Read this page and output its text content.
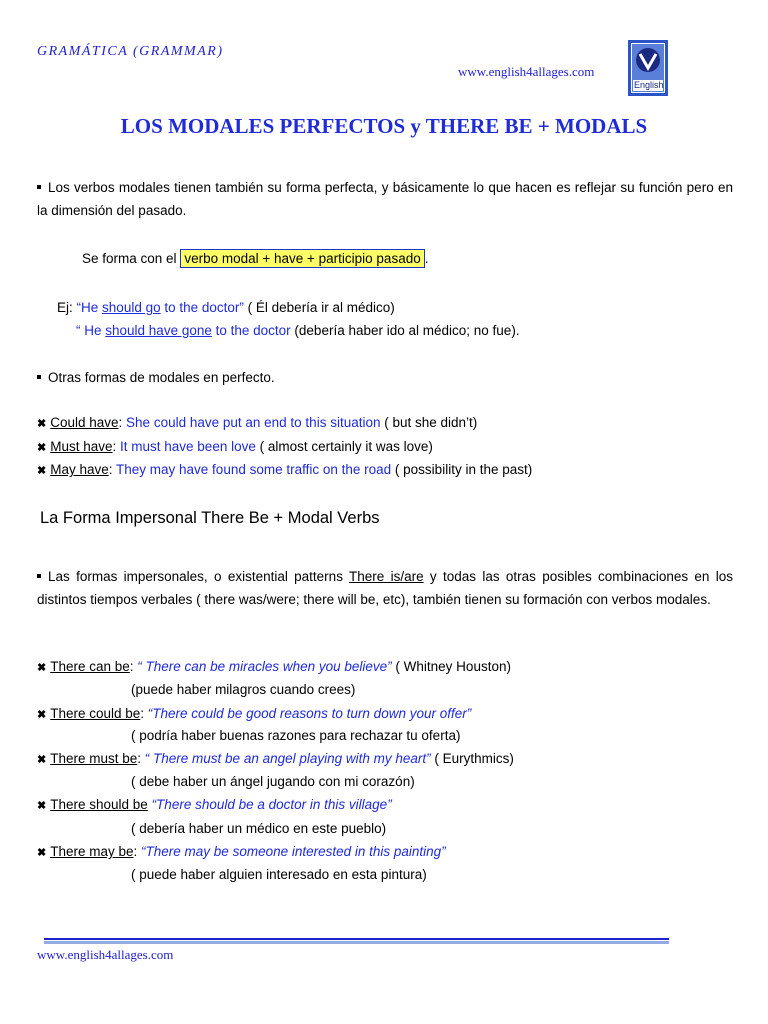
GRAMÁTICA (GRAMMAR)
www.english4allages.com
English
LOS MODALES PERFECTOS y THERE BE + MODALS
Los verbos modales tienen también su forma perfecta, y básicamente lo que hacen es reflejar su función pero en la dimensión del pasado.
Se forma con el verbo modal + have + participio pasado .
Ej: “He should go to the doctor” ( Él debería ir al médico)
“ He should have gone to the doctor (debería haber ido al médico; no fue).
Otras formas de modales en perfecto.
✖ Could have: She could have put an end to this situation ( but she didn’t)
✖ Must have: It must have been love ( almost certainly it was love)
✖ May have: They may have found some traffic on the road ( possibility in the past)
La Forma Impersonal There Be + Modal Verbs
Las formas impersonales, o existential patterns There is/are y todas las otras posibles combinaciones en los distintos tiempos verbales ( there was/were; there will be, etc), también tienen su formación con verbos modales.
✖ There can be: “ There can be miracles when you believe” ( Whitney Houston)
(puede haber milagros cuando crees)
✖ There could be: “There could be good reasons to turn down your offer”
( podría haber buenas razones para rechazar tu oferta)
✖ There must be: “ There must be an angel playing with my heart” ( Eurythmics)
( debe haber un ángel jugando con mi corazón)
✖ There should be “There should be a doctor in this village”
( debería haber un médico en este pueblo)
✖ There may be: “There may be someone interested in this painting”
( puede haber alguien interesado en esta pintura)
www.english4allages.com
